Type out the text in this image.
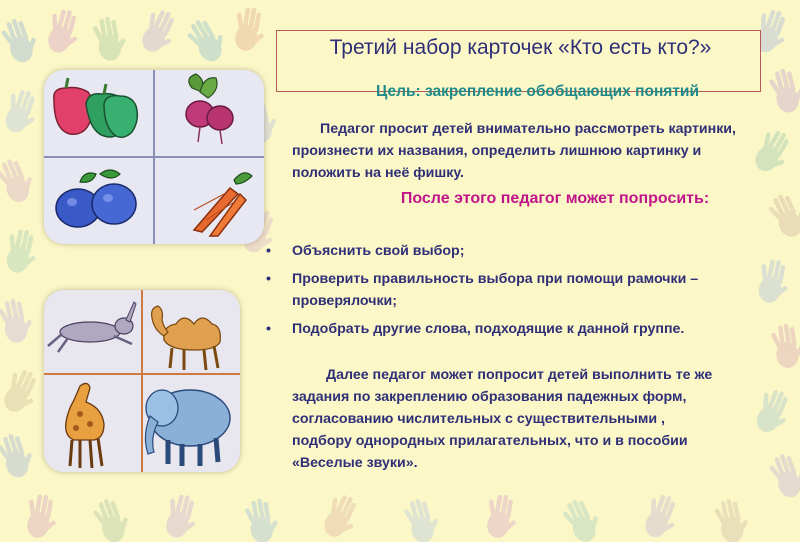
Третий набор карточек «Кто есть кто?»
Цель: закрепление обобщающих понятий
Педагог просит детей внимательно рассмотреть картинки, произнести их названия, определить лишнюю картинку и положить на неё фишку.
После этого педагог может попросить:
• Объяснить свой выбор;
• Проверить правильность выбора при помощи рамочки – проверялочки;
• Подобрать другие слова, подходящие к данной группе.
Далее педагог может попросит детей выполнить те же задания по закреплению образования падежных форм, согласованию числительных с существительными , подбору однородных прилагательных, что и в пособии «Веселые звуки».
